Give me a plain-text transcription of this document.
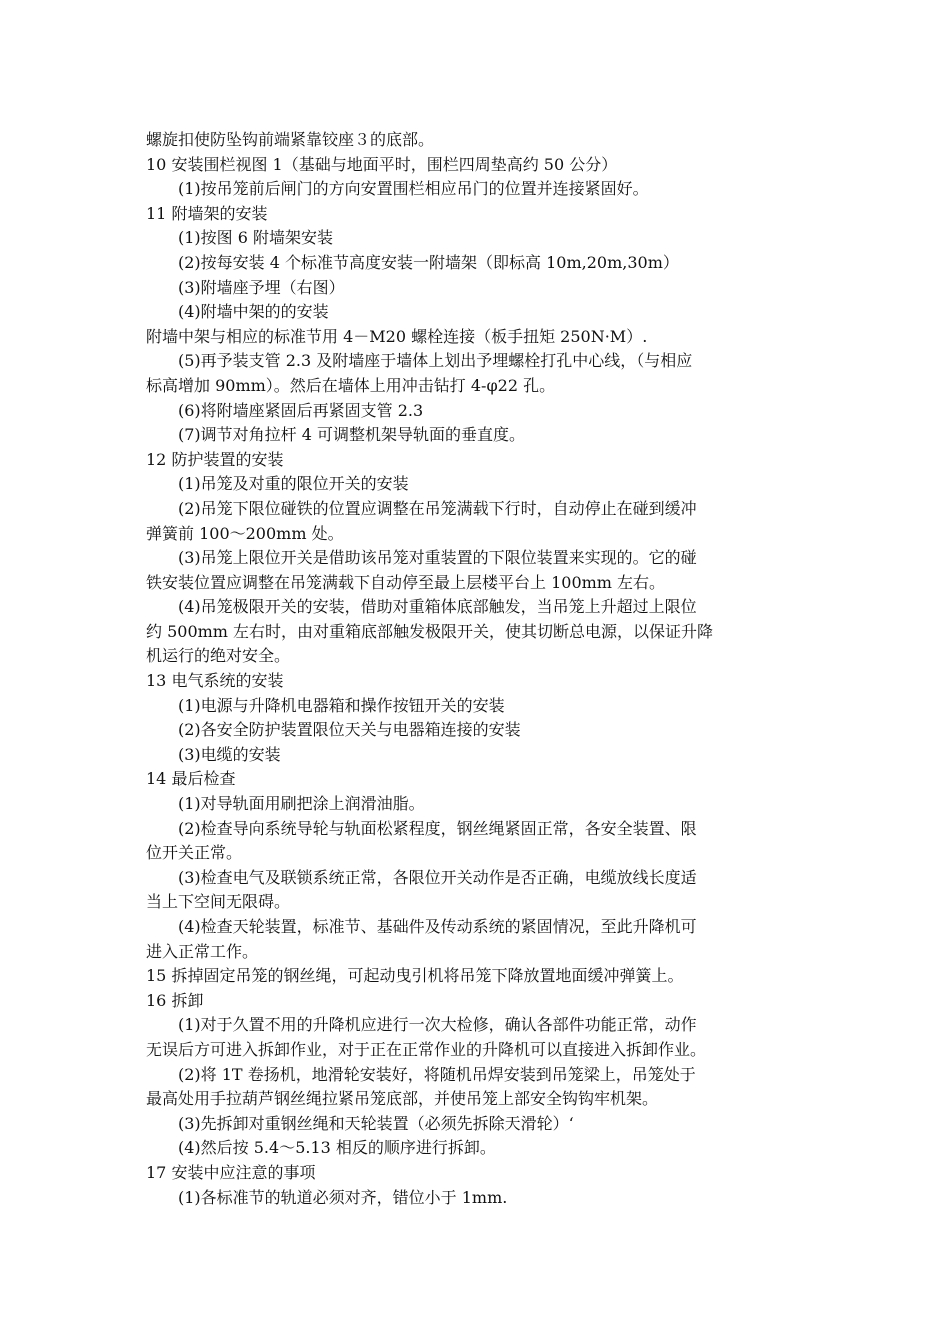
螺旋扣使防坠钩前端紧靠铰座３的底部。

10 安装围栏视图 1（基础与地面平时，围栏四周垫高约 50 公分）

(1)按吊笼前后闸门的方向安置围栏相应吊门的位置并连接紧固好。

11 附墙架的安装

(1)按图 6 附墙架安装

(2)按每安装 4 个标准节高度安装一附墙架（即标高 10m,20m,30m）

(3)附墙座予埋（右图）

(4)附墙中架的的安装

附墙中架与相应的标准节用 4－M20 螺栓连接（板手扭矩 250N·M）.

(5)再予装支管 2.3 及附墙座于墙体上划出予埋螺栓打孔中心线，（与相应

标高增加 90mm）。然后在墙体上用冲击钻打 4-φ22 孔。

(6)将附墙座紧固后再紧固支管 2.3

(7)调节对角拉杆 4 可调整机架导轨面的垂直度。

12 防护装置的安装

(1)吊笼及对重的限位开关的安装

(2)吊笼下限位碰铁的位置应调整在吊笼满载下行时，自动停止在碰到缓冲

弹簧前 100～200mm 处。

(3)吊笼上限位开关是借助该吊笼对重装置的下限位装置来实现的。它的碰

铁安装位置应调整在吊笼满载下自动停至最上层楼平台上 100mm 左右。

(4)吊笼极限开关的安装，借助对重箱体底部触发，当吊笼上升超过上限位

约 500mm 左右时，由对重箱底部触发极限开关，使其切断总电源，以保证升降

机运行的绝对安全。

13 电气系统的安装

(1)电源与升降机电器箱和操作按钮开关的安装

(2)各安全防护装置限位天关与电器箱连接的安装

(3)电缆的安装

14 最后检查

(1)对导轨面用刷把涂上润滑油脂。

(2)检查导向系统导轮与轨面松紧程度，钢丝绳紧固正常，各安全装置、限

位开关正常。

(3)检查电气及联锁系统正常，各限位开关动作是否正确，电缆放线长度适

当上下空间无限碍。

(4)检查天轮装置，标准节、基础件及传动系统的紧固情况，至此升降机可

进入正常工作。

15 拆掉固定吊笼的钢丝绳，可起动曳引机将吊笼下降放置地面缓冲弹簧上。

16 拆卸

(1)对于久置不用的升降机应进行一次大检修，确认各部件功能正常，动作

无误后方可进入拆卸作业，对于正在正常作业的升降机可以直接进入拆卸作业。

(2)将 1T 卷扬机，地滑轮安装好，将随机吊焊安装到吊笼梁上，吊笼处于

最高处用手拉葫芦钢丝绳拉紧吊笼底部，并使吊笼上部安全钩钩牢机架。

(3)先拆卸对重钢丝绳和天轮装置（必须先拆除天滑轮）‘

(4)然后按 5.4～5.13 相反的顺序进行拆卸。

17 安装中应注意的事项

(1)各标准节的轨道必须对齐，错位小于 1mm.
